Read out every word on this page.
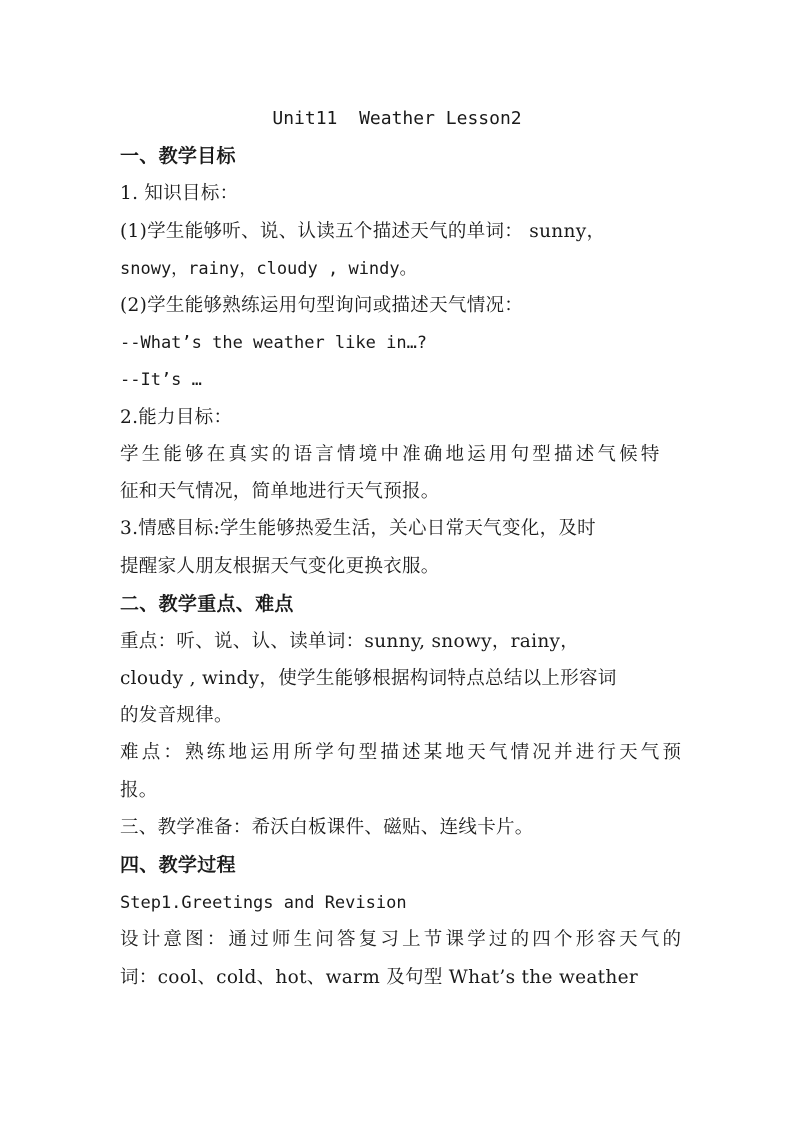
Unit11  Weather Lesson2
一、教学目标
1. 知识目标：
(1)学生能够听、说、认读五个描述天气的单词： sunny，
snowy，rainy，cloudy , windy。
(2)学生能够熟练运用句型询问或描述天气情况：
--What’s the weather like in…?
--It’s …
2.能力目标：
学生能够在真实的语言情境中准确地运用句型描述气候特
征和天气情况，简单地进行天气预报。
3.情感目标:学生能够热爱生活，关心日常天气变化，及时
提醒家人朋友根据天气变化更换衣服。
二、教学重点、难点
重点：听、说、认、读单词：sunny, snowy，rainy，
cloudy , windy，使学生能够根据构词特点总结以上形容词
的发音规律。
难点：熟练地运用所学句型描述某地天气情况并进行天气预
报。
三、教学准备：希沃白板课件、磁贴、连线卡片。
四、教学过程
Step1.Greetings and Revision
设计意图：通过师生问答复习上节课学过的四个形容天气的
词：cool、cold、hot、warm 及句型 What’s the weather
